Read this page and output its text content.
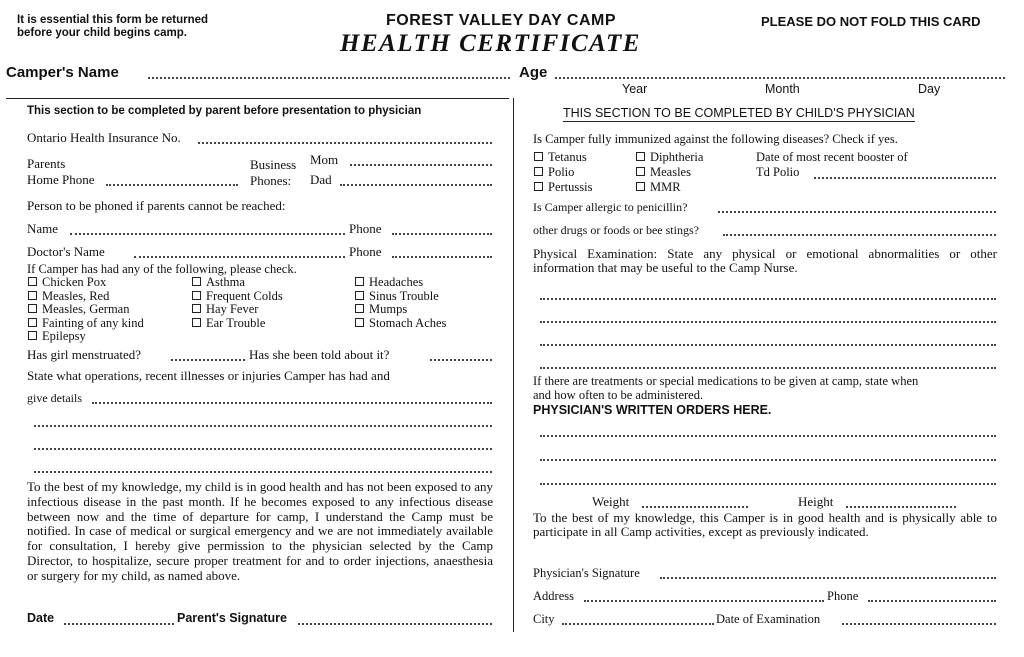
It is essential this form be returned
before your child begins camp.
FOREST VALLEY DAY CAMP
HEALTH CERTIFICATE
PLEASE DO NOT FOLD THIS CARD
Camper's Name	Age
Year	Month	Day
This section to be completed by parent before presentation to physician
Ontario Health Insurance No.
Parents
Home Phone
Business
Phones:
Mom
Dad
Person to be phoned if parents cannot be reached:
Name	Phone
Doctor's Name	Phone
If Camper has had any of the following, please check.
Chicken Pox
Measles, Red
Measles, German
Fainting of any kind
Epilepsy
Asthma
Frequent Colds
Hay Fever
Ear Trouble
Headaches
Sinus Trouble
Mumps
Stomach Aches
Has girl menstruated?	Has she been told about it?
State what operations, recent illnesses or injuries Camper has had and
give details
To the best of my knowledge, my child is in good health and has not been exposed to any infectious disease in the past month. If he becomes exposed to any infectious disease between now and the time of departure for camp, I understand the Camp must be notified. In case of medical or surgical emergency and we are not immediately available for consultation, I hereby give permission to the physician selected by the Camp Director, to hospitalize, secure proper treatment for and to order injections, anaesthesia or surgery for my child, as named above.
Date	Parent's Signature
THIS SECTION TO BE COMPLETED BY CHILD'S PHYSICIAN
Is Camper fully immunized against the following diseases? Check if yes.
Tetanus
Polio
Pertussis
Diphtheria
Measles
MMR
Date of most recent booster of
Td Polio
Is Camper allergic to penicillin?
other drugs or foods or bee stings?
Physical Examination: State any physical or emotional abnormalities or other information that may be useful to the Camp Nurse.
If there are treatments or special medications to be given at camp, state when
and how often to be administered.
PHYSICIAN'S WRITTEN ORDERS HERE.
Weight	Height
To the best of my knowledge, this Camper is in good health and is physically able to participate in all Camp activities, except as previously indicated.
Physician's Signature
Address	Phone
City	Date of Examination
